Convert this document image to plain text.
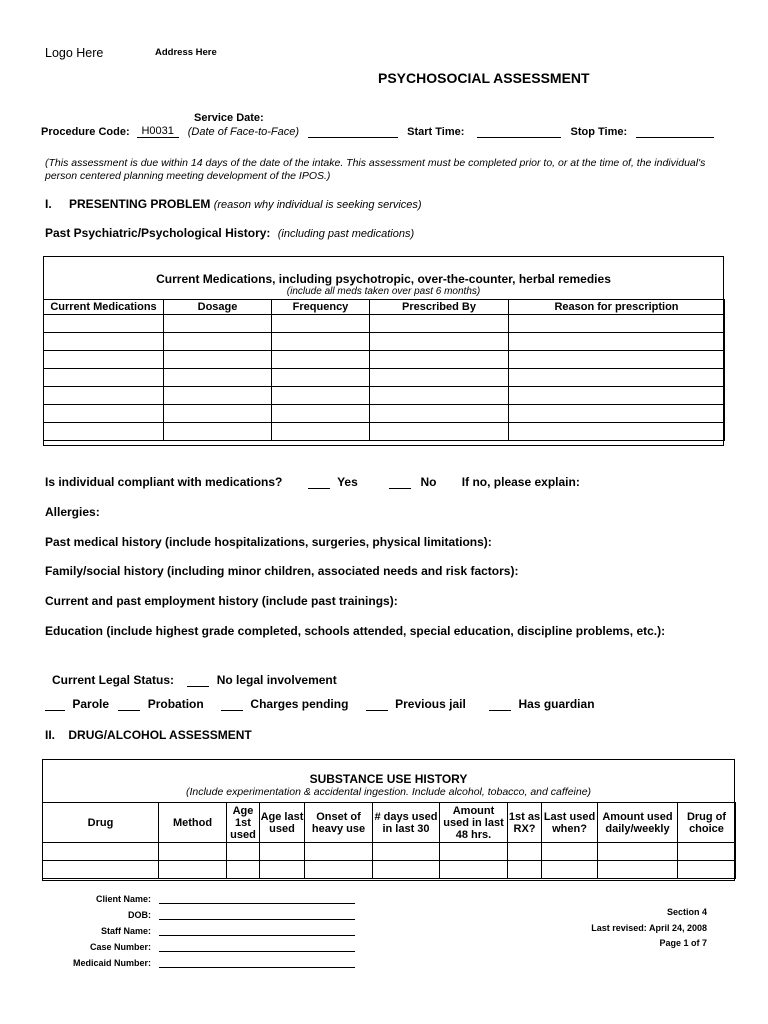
Logo Here	Address Here
PSYCHOSOCIAL ASSESSMENT
Service Date:
Procedure Code: H0031 (Date of Face-to-Face)	Start Time:	Stop Time:
(This assessment is due within 14 days of the date of the intake. This assessment must be completed prior to, or at the time of, the individual's person centered planning meeting development of the IPOS.)
I. PRESENTING PROBLEM (reason why individual is seeking services)
Past Psychiatric/Psychological History: (including past medications)
Current Medications, including psychotropic, over-the-counter, herbal remedies
(include all meds taken over past 6 months)
Current Medications	Dosage	Frequency	Prescribed By	Reason for prescription

Is individual compliant with medications?	Yes	No If no, please explain:
Allergies:
Past medical history (include hospitalizations, surgeries, physical limitations):
Family/social history (including minor children, associated needs and risk factors):
Current and past employment history (include past trainings):
Education (include highest grade completed, schools attended, special education, discipline problems, etc.):
Current Legal Status:	No legal involvement
Parole	Probation	Charges pending	Previous jail	Has guardian
II. DRUG/ALCOHOL ASSESSMENT
SUBSTANCE USE HISTORY
(Include experimentation & accidental ingestion. Include alcohol, tobacco, and caffeine)
Drug	Method	Age 1st used	Age last used	Onset of heavy use	# days used in last 30	Amount used in last 48 hrs.	1st as RX?	Last used when?	Amount used daily/weekly	Drug of choice

Client Name:

DOB:

Staff Name:

Case Number:

Medicaid Number:

Section 4
Last revised: April 24, 2008
Page 1 of 7
